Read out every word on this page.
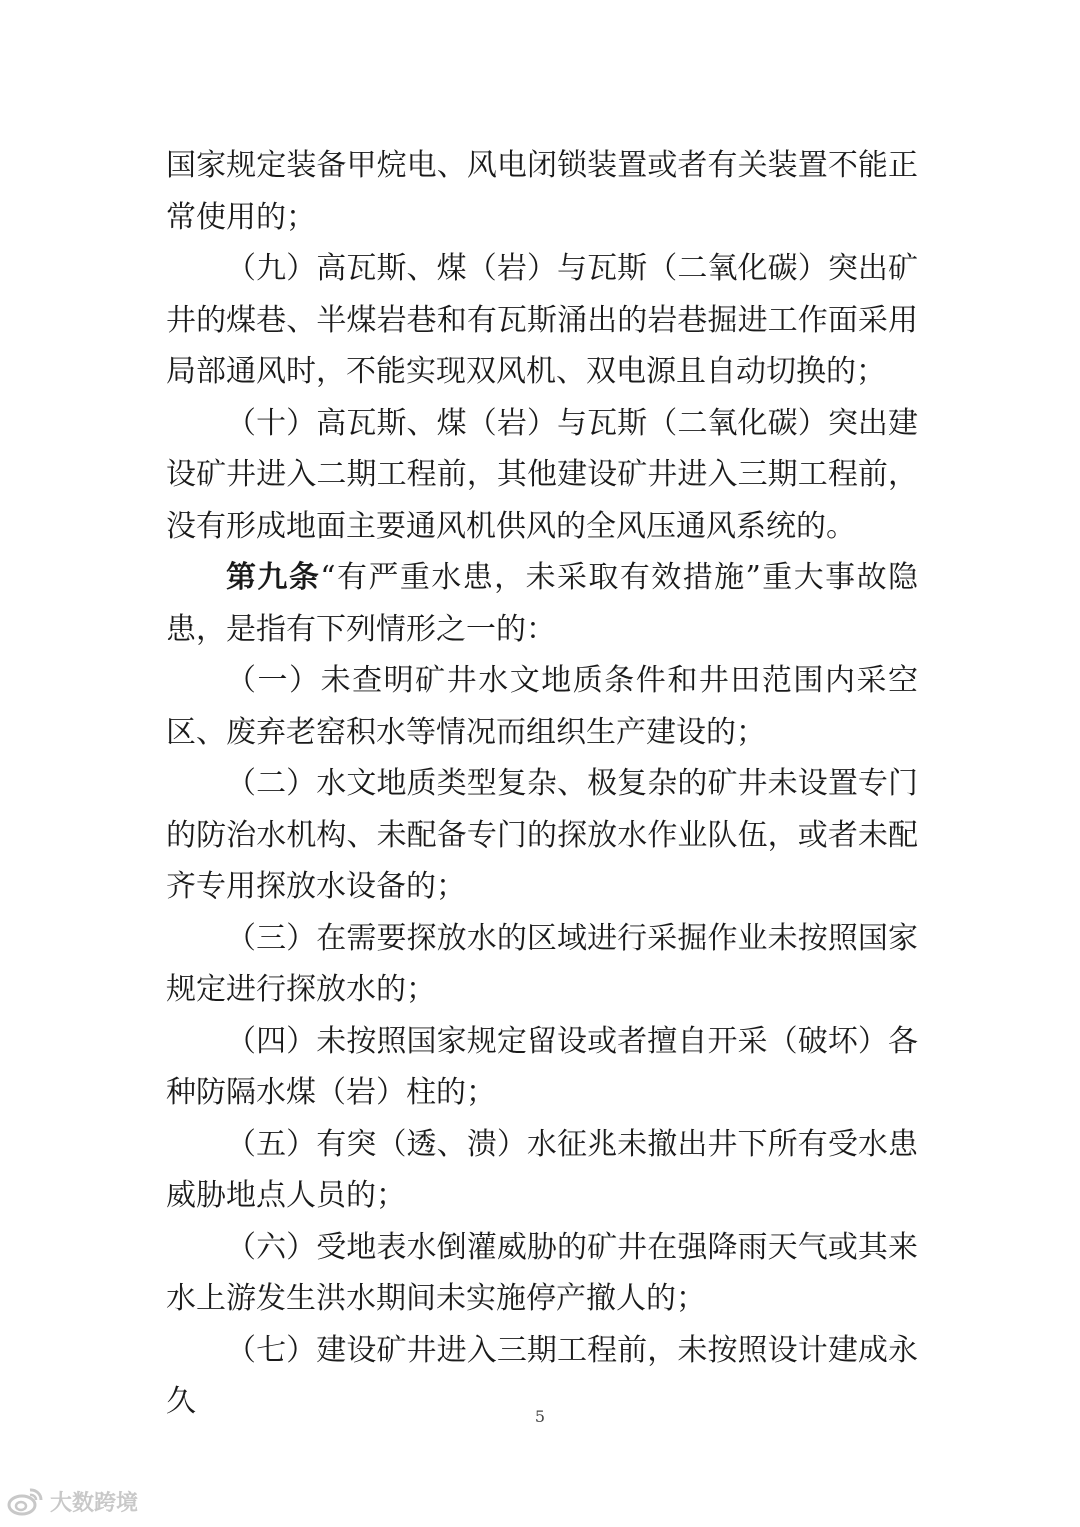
国家规定装备甲烷电、风电闭锁装置或者有关装置不能正常使用的；

（九）高瓦斯、煤（岩）与瓦斯（二氧化碳）突出矿井的煤巷、半煤岩巷和有瓦斯涌出的岩巷掘进工作面采用局部通风时，不能实现双风机、双电源且自动切换的；

（十）高瓦斯、煤（岩）与瓦斯（二氧化碳）突出建设矿井进入二期工程前，其他建设矿井进入三期工程前，没有形成地面主要通风机供风的全风压通风系统的。

第九条“有严重水患，未采取有效措施”重大事故隐患，是指有下列情形之一的：

（一）未查明矿井水文地质条件和井田范围内采空区、废弃老窑积水等情况而组织生产建设的；

（二）水文地质类型复杂、极复杂的矿井未设置专门的防治水机构、未配备专门的探放水作业队伍，或者未配齐专用探放水设备的；

（三）在需要探放水的区域进行采掘作业未按照国家规定进行探放水的；

（四）未按照国家规定留设或者擅自开采（破坏）各种防隔水煤（岩）柱的；

（五）有突（透、溃）水征兆未撤出井下所有受水患威胁地点人员的；

（六）受地表水倒灌威胁的矿井在强降雨天气或其来水上游发生洪水期间未实施停产撤人的；

（七）建设矿井进入三期工程前，未按照设计建成永久	5
大数跨境
